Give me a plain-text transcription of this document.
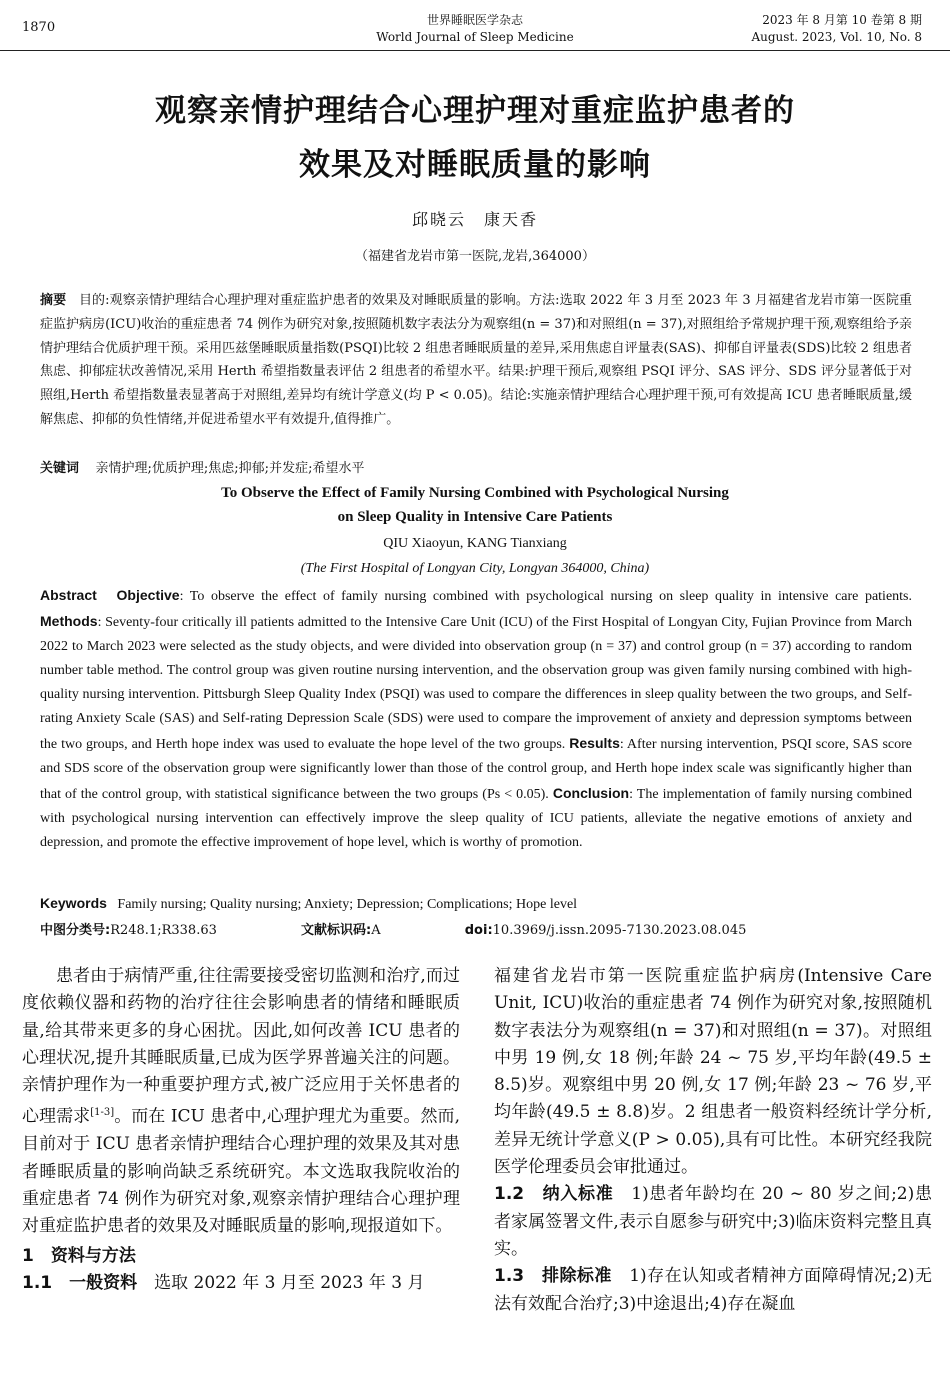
1870	世界睡眠医学杂志
World Journal of Sleep Medicine
2023 年 8 月第 10 卷第 8 期
August. 2023, Vol. 10, No. 8
观察亲情护理结合心理护理对重症监护患者的
效果及对睡眠质量的影响
邱晓云　康天香
（福建省龙岩市第一医院,龙岩,364000）
摘要 目的:观察亲情护理结合心理护理对重症监护患者的效果及对睡眠质量的影响。方法:选取 2022 年 3 月至 2023 年 3 月福建省龙岩市第一医院重症监护病房(ICU)收治的重症患者 74 例作为研究对象,按照随机数字表法分为观察组(n = 37)和对照组(n = 37),对照组给予常规护理干预,观察组给予亲情护理结合优质护理干预。采用匹兹堡睡眠质量指数(PSQI)比较 2 组患者睡眠质量的差异,采用焦虑自评量表(SAS)、抑郁自评量表(SDS)比较 2 组患者焦虑、抑郁症状改善情况,采用 Herth 希望指数量表评估 2 组患者的希望水平。结果:护理干预后,观察组 PSQI 评分、SAS 评分、SDS 评分显著低于对照组,Herth 希望指数量表显著高于对照组,差异均有统计学意义(均 P < 0.05)。结论:实施亲情护理结合心理护理干预,可有效提高 ICU 患者睡眠质量,缓解焦虑、抑郁的负性情绪,并促进希望水平有效提升,值得推广。
关键词 亲情护理;优质护理;焦虑;抑郁;并发症;希望水平
To Observe the Effect of Family Nursing Combined with Psychological Nursing
on Sleep Quality in Intensive Care Patients
QIU Xiaoyun, KANG Tianxiang
(The First Hospital of Longyan City, Longyan 364000, China)
Abstract Objective: To observe the effect of family nursing combined with psychological nursing on sleep quality in intensive care patients. Methods: Seventy-four critically ill patients admitted to the Intensive Care Unit (ICU) of the First Hospital of Longyan City, Fujian Province from March 2022 to March 2023 were selected as the study objects, and were divided into observation group (n = 37) and control group (n = 37) according to random number table method. The control group was given routine nursing intervention, and the observation group was given family nursing combined with high-quality nursing intervention. Pittsburgh Sleep Quality Index (PSQI) was used to compare the differences in sleep quality between the two groups, and Self-rating Anxiety Scale (SAS) and Self-rating Depression Scale (SDS) were used to compare the improvement of anxiety and depression symptoms between the two groups, and Herth hope index was used to evaluate the hope level of the two groups. Results: After nursing intervention, PSQI score, SAS score and SDS score of the observation group were significantly lower than those of the control group, and Herth hope index scale was significantly higher than that of the control group, with statistical significance between the two groups (Ps < 0.05). Conclusion: The implementation of family nursing combined with psychological nursing intervention can effectively improve the sleep quality of ICU patients, alleviate the negative emotions of anxiety and depression, and promote the effective improvement of hope level, which is worthy of promotion.
Keywords Family nursing; Quality nursing; Anxiety; Depression; Complications; Hope level
中图分类号:R248.1;R338.63	文献标识码:A	doi:10.3969/j.issn.2095-7130.2023.08.045

患者由于病情严重,往往需要接受密切监测和治疗,而过度依赖仪器和药物的治疗往往会影响患者的情绪和睡眠质量,给其带来更多的身心困扰。因此,如何改善 ICU 患者的心理状况,提升其睡眠质量,已成为医学界普遍关注的问题。亲情护理作为一种重要护理方式,被广泛应用于关怀患者的心理需求[1-3]。而在 ICU 患者中,心理护理尤为重要。然而,目前对于 ICU 患者亲情护理结合心理护理的效果及其对患者睡眠质量的影响尚缺乏系统研究。本文选取我院收治的重症患者 74 例作为研究对象,观察亲情护理结合心理护理对重症监护患者的效果及对睡眠质量的影响,现报道如下。

1　资料与方法

1.1　一般资料　选取 2022 年 3 月至 2023 年 3 月

福建省龙岩市第一医院重症监护病房(Intensive Care Unit, ICU)收治的重症患者 74 例作为研究对象,按照随机数字表法分为观察组(n = 37)和对照组(n = 37)。对照组中男 19 例,女 18 例;年龄 24 ~ 75 岁,平均年龄(49.5 ± 8.5)岁。观察组中男 20 例,女 17 例;年龄 23 ~ 76 岁,平均年龄(49.5 ± 8.8)岁。2 组患者一般资料经统计学分析,差异无统计学意义(P > 0.05),具有可比性。本研究经我院医学伦理委员会审批通过。

1.2　纳入标准　1)患者年龄均在 20 ~ 80 岁之间;2)患者家属签署文件,表示自愿参与研究中;3)临床资料完整且真实。

1.3　排除标准　1)存在认知或者精神方面障碍情况;2)无法有效配合治疗;3)中途退出;4)存在凝血
